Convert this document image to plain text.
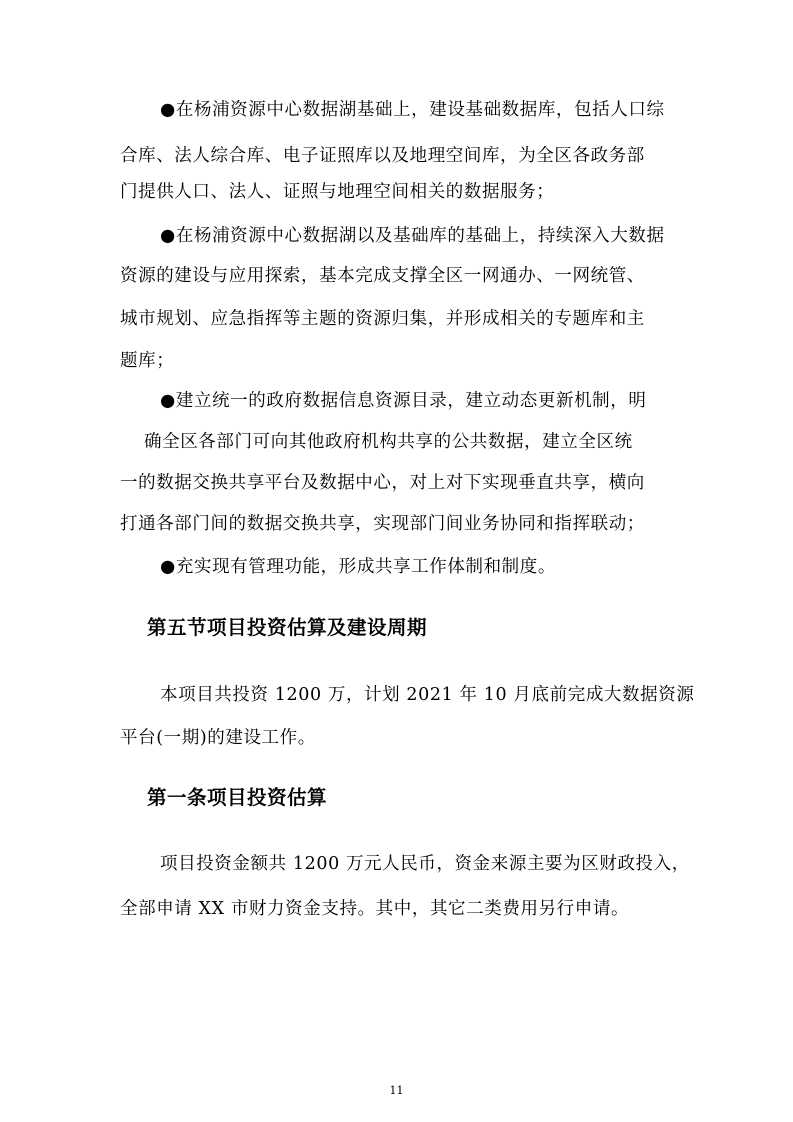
●在杨浦资源中心数据湖基础上，建设基础数据库，包括人口综
合库、法人综合库、电子证照库以及地理空间库，为全区各政务部
门提供人口、法人、证照与地理空间相关的数据服务；
●在杨浦资源中心数据湖以及基础库的基础上，持续深入大数据
资源的建设与应用探索，基本完成支撑全区一网通办、一网统管、
城市规划、应急指挥等主题的资源归集，并形成相关的专题库和主
题库；
●建立统一的政府数据信息资源目录，建立动态更新机制，明
确全区各部门可向其他政府机构共享的公共数据，建立全区统
一的数据交换共享平台及数据中心，对上对下实现垂直共享，横向
打通各部门间的数据交换共享，实现部门间业务协同和指挥联动；
●充实现有管理功能，形成共享工作体制和制度。
第五节项目投资估算及建设周期
本项目共投资 1200 万，计划 2021 年 10 月底前完成大数据资源
平台(一期)的建设工作。
第一条项目投资估算
项目投资金额共 1200 万元人民币，资金来源主要为区财政投入，
全部申请 XX 市财力资金支持。其中，其它二类费用另行申请。
11
